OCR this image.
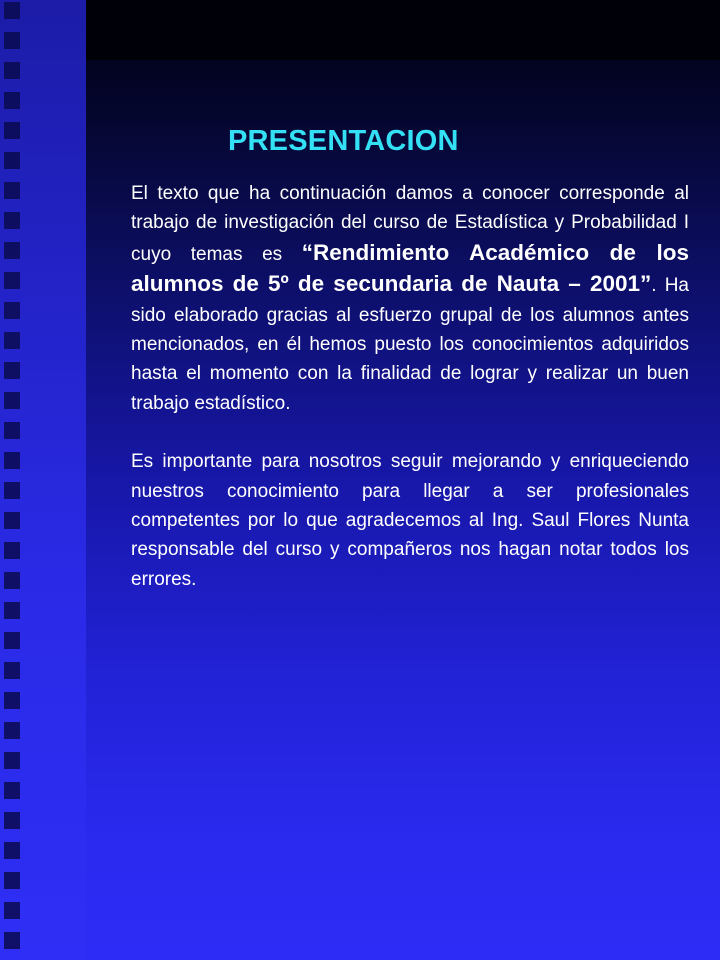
PRESENTACION

El texto que ha continuación damos a conocer corresponde al trabajo de investigación del curso de Estadística y Probabilidad I cuyo temas es “Rendimiento Académico de los alumnos de 5º de secundaria de Nauta – 2001”. Ha sido elaborado gracias al esfuerzo grupal de los alumnos antes mencionados, en él hemos puesto los conocimientos adquiridos hasta el momento con la finalidad de lograr y realizar un buen trabajo estadístico.

Es importante para nosotros seguir mejorando y enriqueciendo nuestros conocimiento para llegar a ser profesionales competentes por lo que agradecemos al Ing. Saul Flores Nunta responsable del curso y compañeros nos hagan notar todos los errores.
